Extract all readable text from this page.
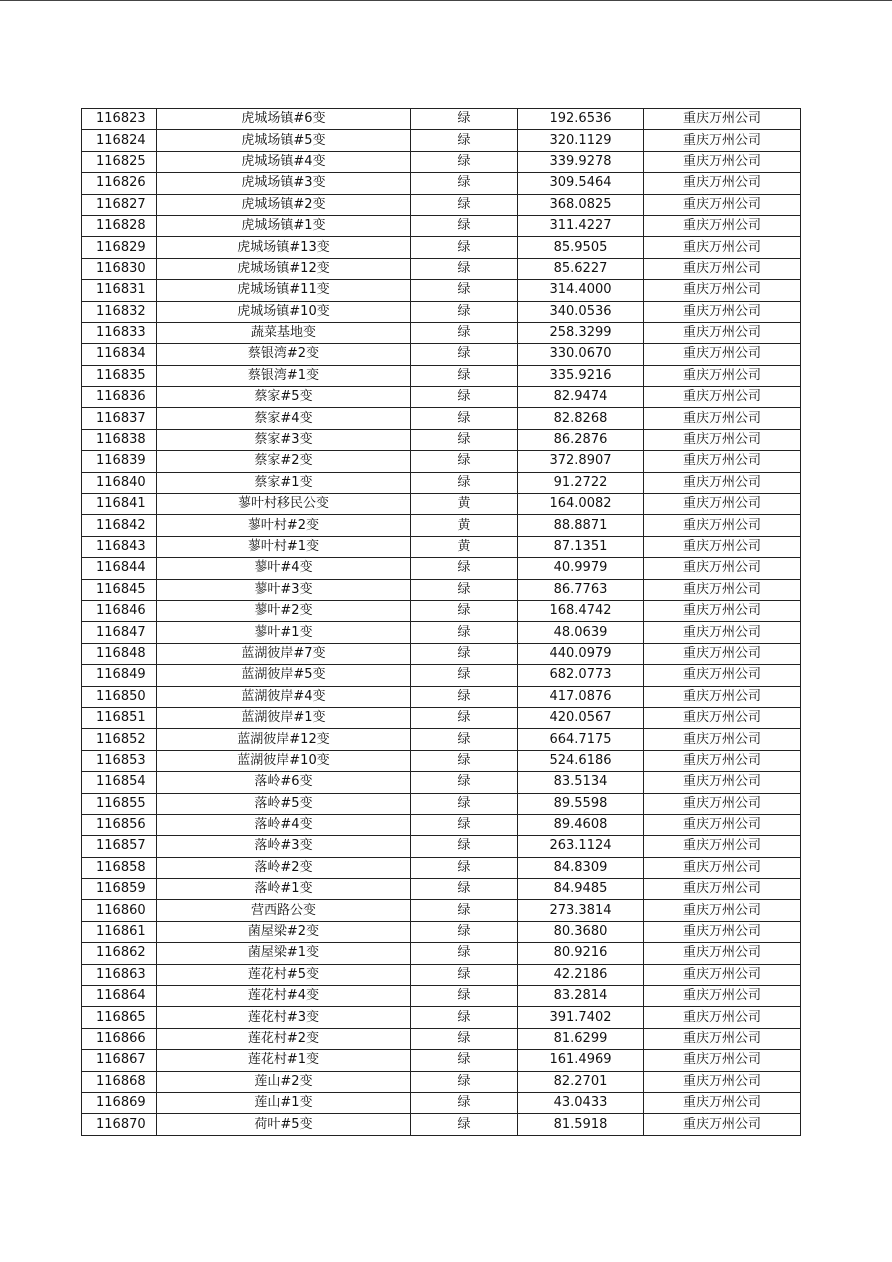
116823	虎城场镇#6变	绿	192.6536	重庆万州公司
116824	虎城场镇#5变	绿	320.1129	重庆万州公司
116825	虎城场镇#4变	绿	339.9278	重庆万州公司
116826	虎城场镇#3变	绿	309.5464	重庆万州公司
116827	虎城场镇#2变	绿	368.0825	重庆万州公司
116828	虎城场镇#1变	绿	311.4227	重庆万州公司
116829	虎城场镇#13变	绿	85.9505	重庆万州公司
116830	虎城场镇#12变	绿	85.6227	重庆万州公司
116831	虎城场镇#11变	绿	314.4000	重庆万州公司
116832	虎城场镇#10变	绿	340.0536	重庆万州公司
116833	蔬菜基地变	绿	258.3299	重庆万州公司
116834	蔡银湾#2变	绿	330.0670	重庆万州公司
116835	蔡银湾#1变	绿	335.9216	重庆万州公司
116836	蔡家#5变	绿	82.9474	重庆万州公司
116837	蔡家#4变	绿	82.8268	重庆万州公司
116838	蔡家#3变	绿	86.2876	重庆万州公司
116839	蔡家#2变	绿	372.8907	重庆万州公司
116840	蔡家#1变	绿	91.2722	重庆万州公司
116841	蓼叶村移民公变	黄	164.0082	重庆万州公司
116842	蓼叶村#2变	黄	88.8871	重庆万州公司
116843	蓼叶村#1变	黄	87.1351	重庆万州公司
116844	蓼叶#4变	绿	40.9979	重庆万州公司
116845	蓼叶#3变	绿	86.7763	重庆万州公司
116846	蓼叶#2变	绿	168.4742	重庆万州公司
116847	蓼叶#1变	绿	48.0639	重庆万州公司
116848	蓝湖彼岸#7变	绿	440.0979	重庆万州公司
116849	蓝湖彼岸#5变	绿	682.0773	重庆万州公司
116850	蓝湖彼岸#4变	绿	417.0876	重庆万州公司
116851	蓝湖彼岸#1变	绿	420.0567	重庆万州公司
116852	蓝湖彼岸#12变	绿	664.7175	重庆万州公司
116853	蓝湖彼岸#10变	绿	524.6186	重庆万州公司
116854	落岭#6变	绿	83.5134	重庆万州公司
116855	落岭#5变	绿	89.5598	重庆万州公司
116856	落岭#4变	绿	89.4608	重庆万州公司
116857	落岭#3变	绿	263.1124	重庆万州公司
116858	落岭#2变	绿	84.8309	重庆万州公司
116859	落岭#1变	绿	84.9485	重庆万州公司
116860	营西路公变	绿	273.3814	重庆万州公司
116861	菌屋梁#2变	绿	80.3680	重庆万州公司
116862	菌屋梁#1变	绿	80.9216	重庆万州公司
116863	莲花村#5变	绿	42.2186	重庆万州公司
116864	莲花村#4变	绿	83.2814	重庆万州公司
116865	莲花村#3变	绿	391.7402	重庆万州公司
116866	莲花村#2变	绿	81.6299	重庆万州公司
116867	莲花村#1变	绿	161.4969	重庆万州公司
116868	莲山#2变	绿	82.2701	重庆万州公司
116869	莲山#1变	绿	43.0433	重庆万州公司
116870	荷叶#5变	绿	81.5918	重庆万州公司
